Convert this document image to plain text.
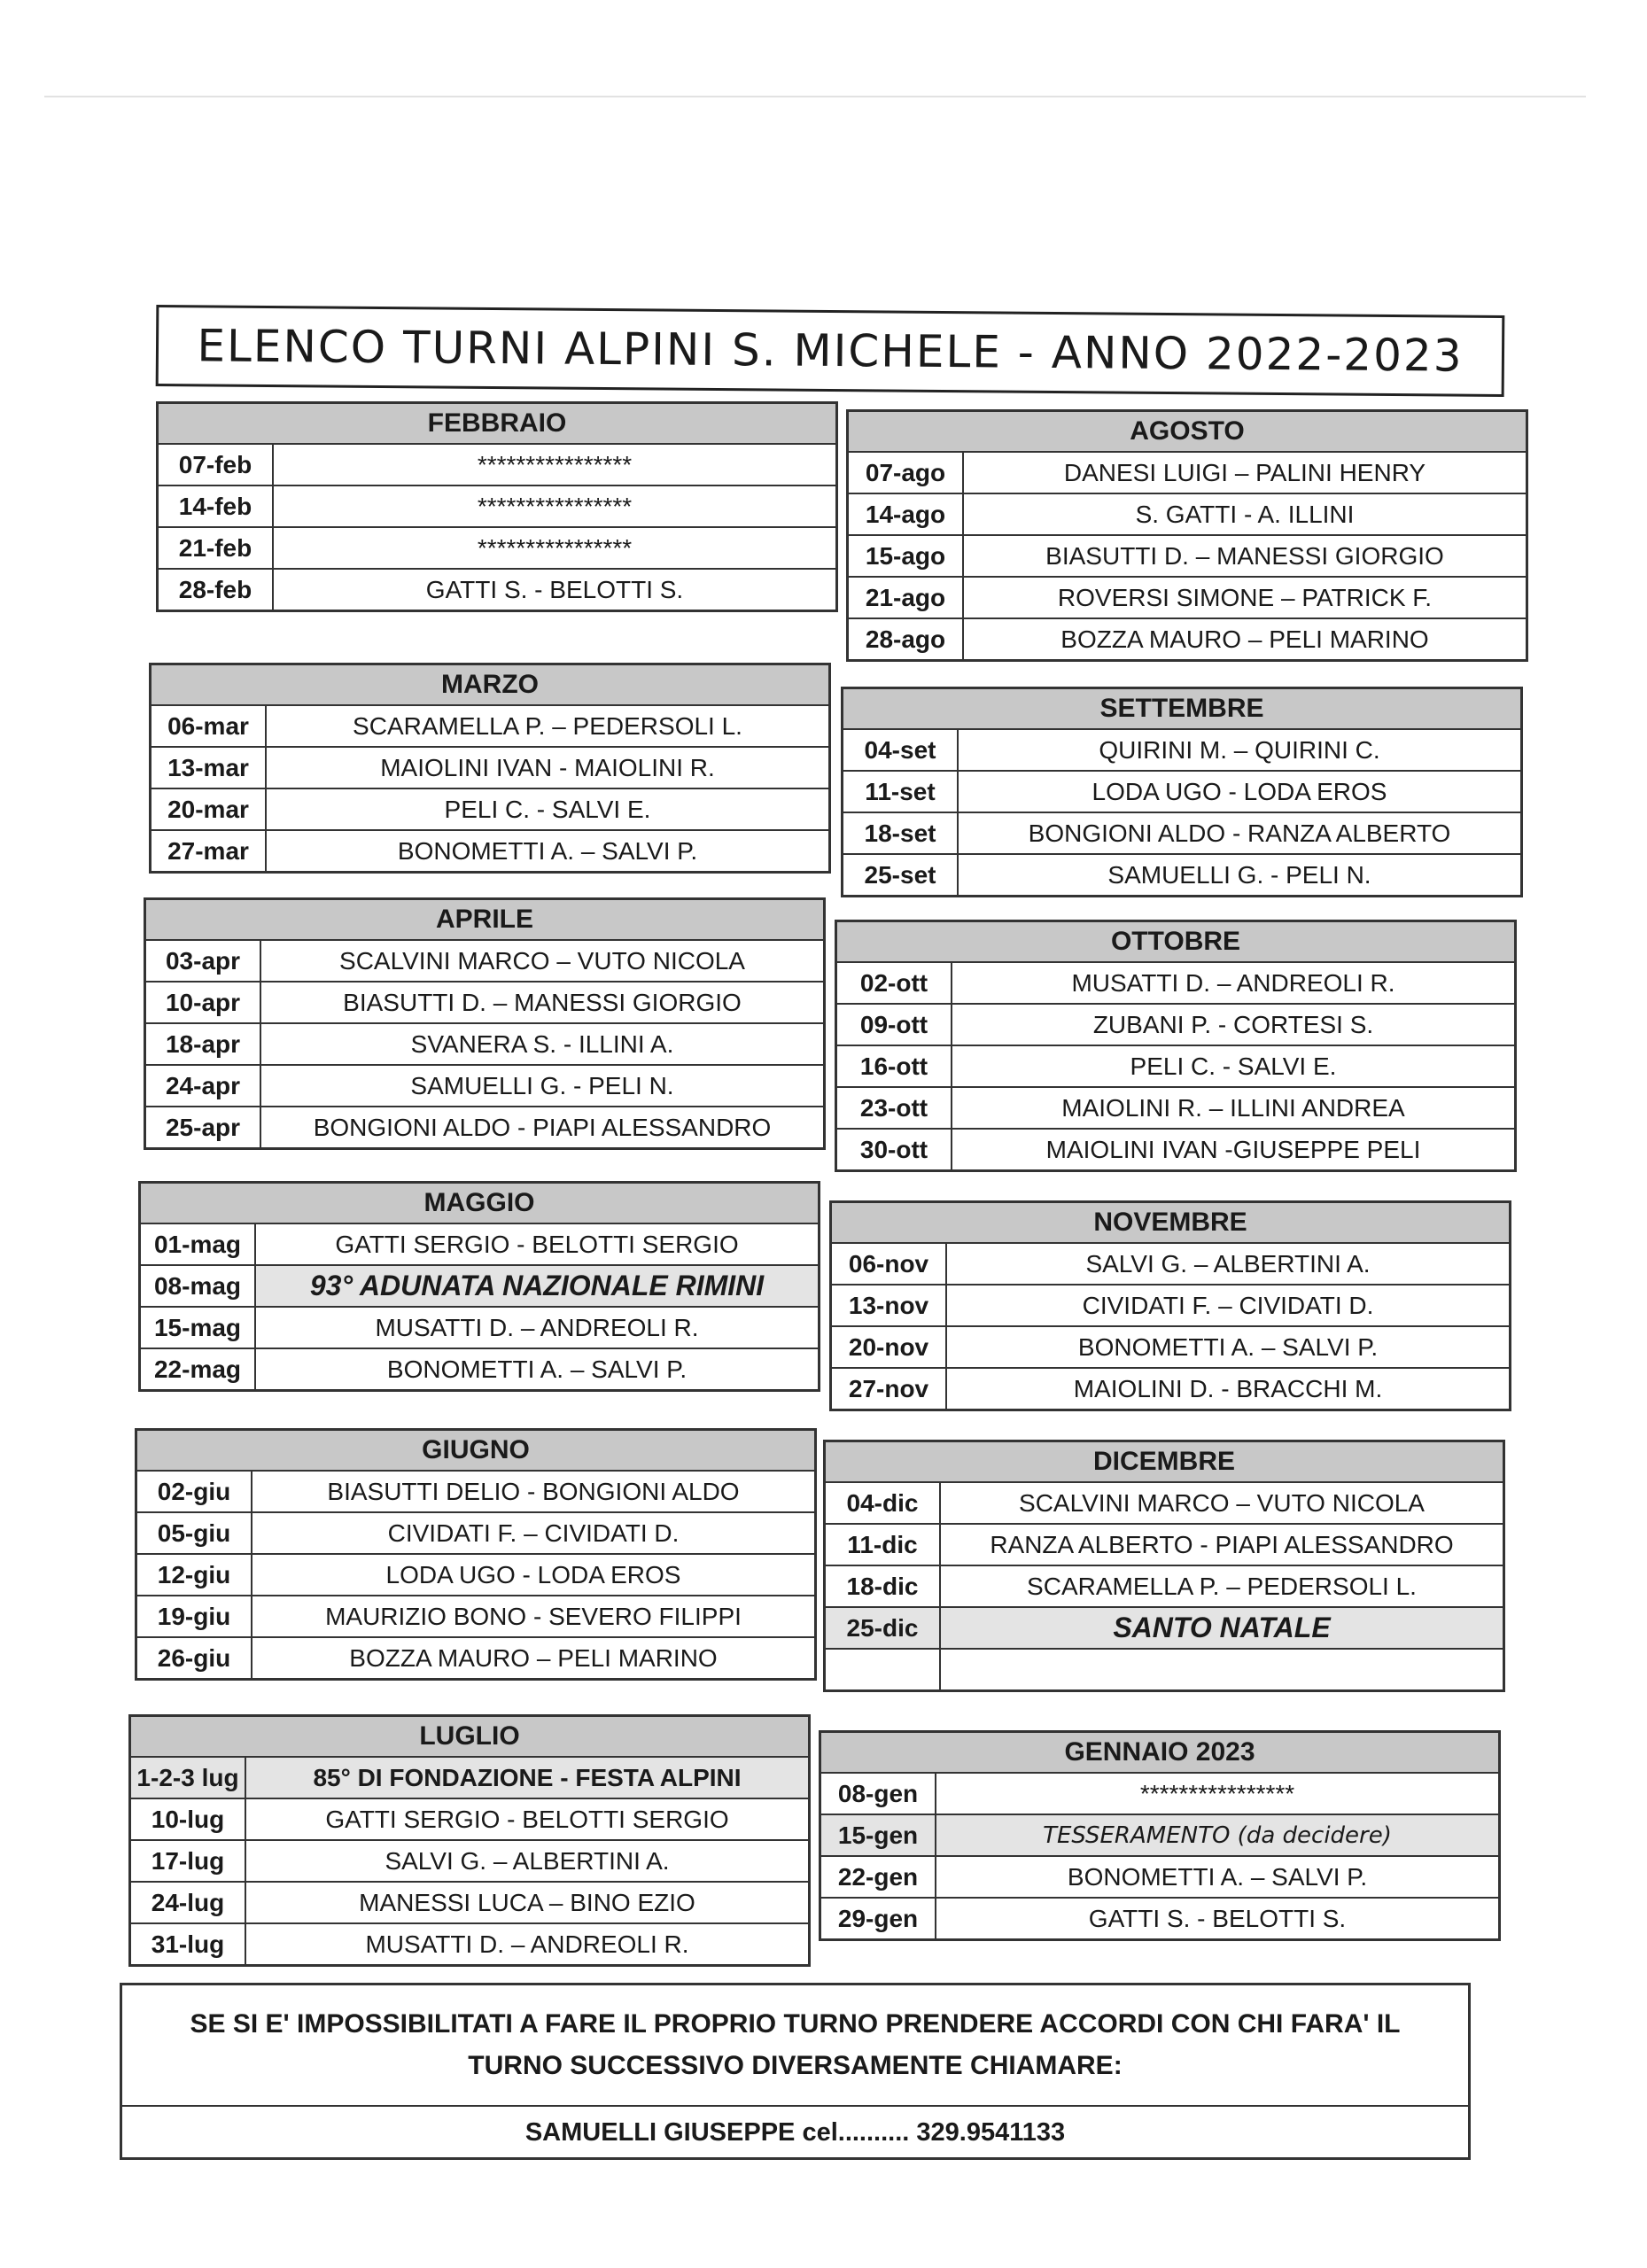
ELENCO TURNI ALPINI S. MICHELE - ANNO 2022-2023
FEBBRAIO	
07-feb	****************
14-feb	****************
21-feb	****************
28-feb	GATTI S. - BELOTTI S.
MARZO	
06-mar	SCARAMELLA P. – PEDERSOLI L.
13-mar	MAIOLINI IVAN - MAIOLINI R.
20-mar	PELI C. - SALVI E.
27-mar	BONOMETTI A. – SALVI P.
APRILE	
03-apr	SCALVINI MARCO – VUTO NICOLA
10-apr	BIASUTTI D. – MANESSI GIORGIO
18-apr	SVANERA S. - ILLINI A.
24-apr	SAMUELLI G. - PELI N.
25-apr	BONGIONI ALDO - PIAPI ALESSANDRO
MAGGIO	
01-mag	GATTI SERGIO - BELOTTI SERGIO
08-mag	93° ADUNATA NAZIONALE RIMINI
15-mag	MUSATTI D. – ANDREOLI R.
22-mag	BONOMETTI A. – SALVI P.
GIUGNO	
02-giu	BIASUTTI DELIO - BONGIONI ALDO
05-giu	CIVIDATI F. – CIVIDATI D.
12-giu	LODA UGO - LODA EROS
19-giu	MAURIZIO BONO - SEVERO FILIPPI
26-giu	BOZZA MAURO – PELI MARINO
LUGLIO	
1-2-3 lug	85° DI FONDAZIONE - FESTA ALPINI
10-lug	GATTI SERGIO - BELOTTI SERGIO
17-lug	SALVI G. – ALBERTINI A.
24-lug	MANESSI LUCA – BINO EZIO
31-lug	MUSATTI D. – ANDREOLI R.
AGOSTO	
07-ago	DANESI LUIGI – PALINI HENRY
14-ago	S. GATTI - A. ILLINI
15-ago	BIASUTTI D. – MANESSI GIORGIO
21-ago	ROVERSI SIMONE – PATRICK F.
28-ago	BOZZA MAURO – PELI MARINO
SETTEMBRE	
04-set	QUIRINI M. – QUIRINI C.
11-set	LODA UGO - LODA EROS
18-set	BONGIONI ALDO - RANZA ALBERTO
25-set	SAMUELLI G. - PELI N.
OTTOBRE	
02-ott	MUSATTI D. – ANDREOLI R.
09-ott	ZUBANI P. - CORTESI S.
16-ott	PELI C. - SALVI E.
23-ott	MAIOLINI R. – ILLINI ANDREA
30-ott	MAIOLINI IVAN -GIUSEPPE PELI
NOVEMBRE	
06-nov	SALVI G. – ALBERTINI A.
13-nov	CIVIDATI F. – CIVIDATI D.
20-nov	BONOMETTI A. – SALVI P.
27-nov	MAIOLINI D. - BRACCHI M.
DICEMBRE	
04-dic	SCALVINI MARCO – VUTO NICOLA
11-dic	RANZA ALBERTO - PIAPI ALESSANDRO
18-dic	SCARAMELLA P. – PEDERSOLI L.
25-dic	SANTO NATALE

GENNAIO 2023	
08-gen	****************
15-gen	TESSERAMENTO (da decidere)
22-gen	BONOMETTI A. – SALVI P.
29-gen	GATTI S. - BELOTTI S.
SE SI E' IMPOSSIBILITATI A FARE IL PROPRIO TURNO PRENDERE ACCORDI CON CHI FARA' IL
TURNO SUCCESSIVO DIVERSAMENTE CHIAMARE:
SAMUELLI GIUSEPPE cel.......... 329.9541133
